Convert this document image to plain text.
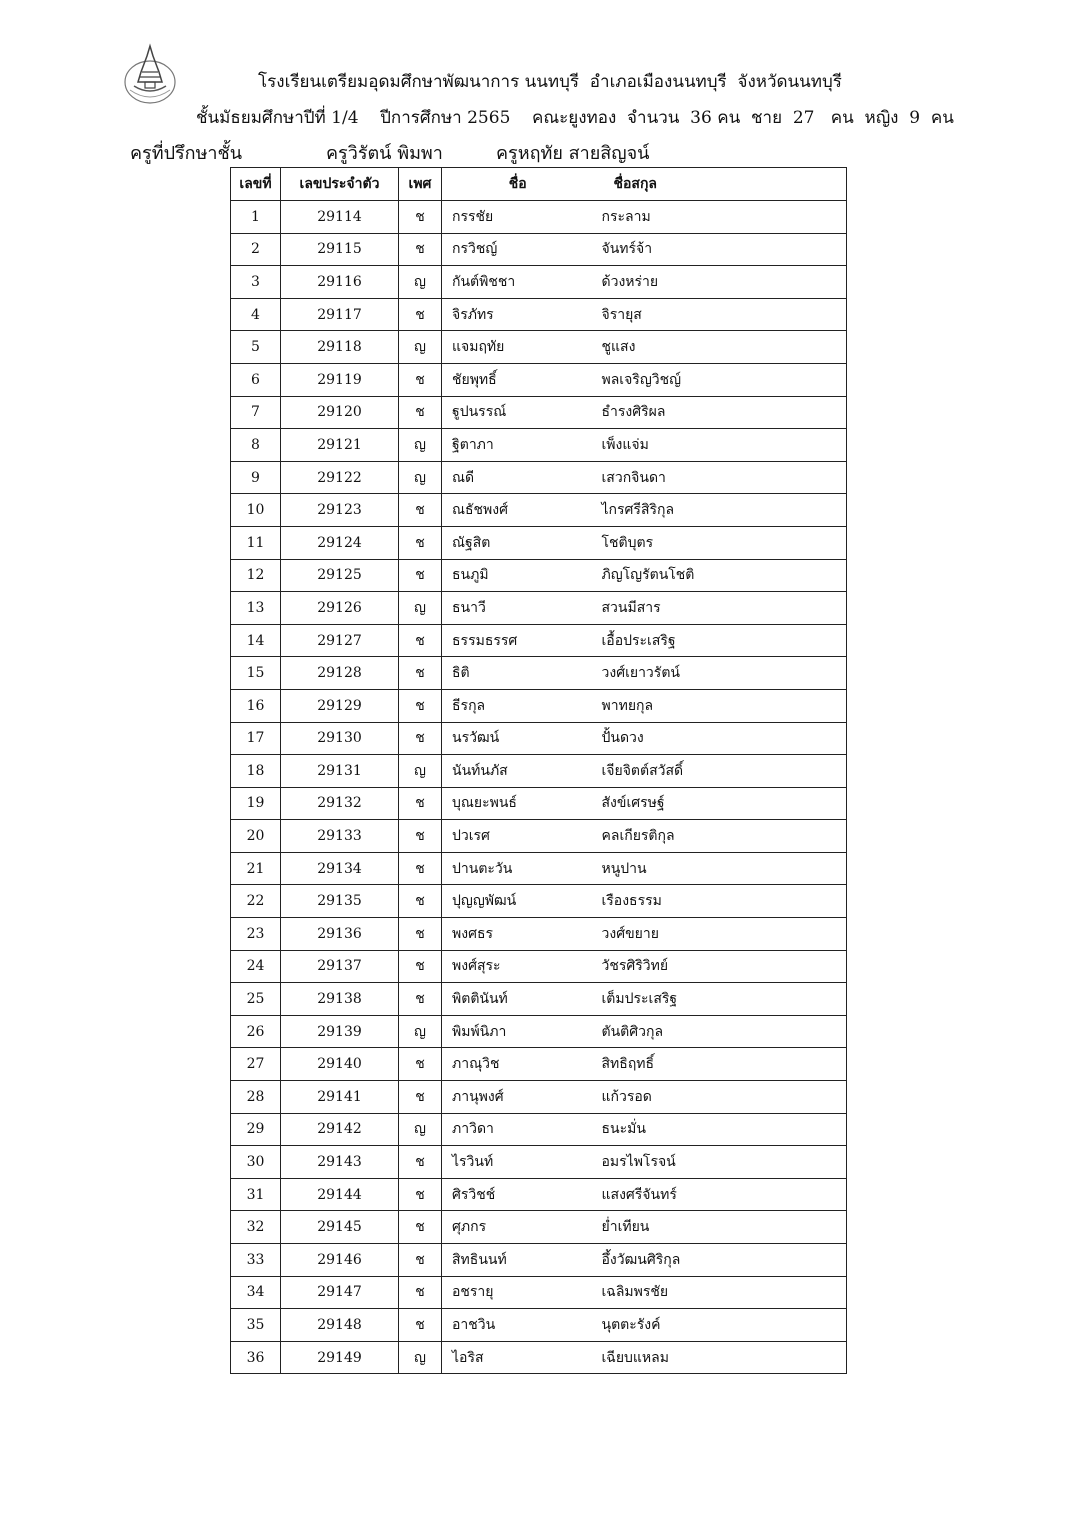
โรงเรียนเตรียมอุดมศึกษาพัฒนาการ นนทบุรี  อำเภอเมืองนนทบุรี  จังหวัดนนทบุรี
ชั้นมัธยมศึกษาปีที่ 1/4    ปีการศึกษา 2565    คณะยูงทอง  จำนวน  36 คน  ชาย  27   คน  หญิง  9  คน
ครูที่ปรึกษาชั้น	ครูวิรัตน์ พิมพา	ครูหฤทัย สายสิญจน์
เลขที่	เลขประจำตัว	เพศ	ชื่อ	ชื่อสกุล
1	29114	ช	กรรชัย	กระลาม
2	29115	ช	กรวิชญ์	จันทร์จ้า
3	29116	ญ	กันต์พิชชา	ด้วงหร่าย
4	29117	ช	จิรภัทร	จิรายุส
5	29118	ญ	แจมฤทัย	ชูแสง
6	29119	ช	ชัยพุทธิ์	พลเจริญวิชญ์
7	29120	ช	ฐูปนรรณ์	ธำรงศิริผล
8	29121	ญ	ฐิตาภา	เพ็งแจ่ม
9	29122	ญ	ณดี	เสวกจินดา
10	29123	ช	ณธัชพงศ์	ไกรศรีสิริกุล
11	29124	ช	ณัฐสิต	โชติบุตร
12	29125	ช	ธนภูมิ	ภิญโญรัตนโชติ
13	29126	ญ	ธนาวี	สวนมีสาร
14	29127	ช	ธรรมธรรศ	เอื้อประเสริฐ
15	29128	ช	ธิติ	วงศ์เยาวรัตน์
16	29129	ช	ธีรกุล	พาทยกุล
17	29130	ช	นรวัฒน์	ปั้นดวง
18	29131	ญ	นันท์นภัส	เจียจิตต์สวัสดิ์
19	29132	ช	บุณยะพนธ์	สังข์เศรษฐ์
20	29133	ช	ปวเรศ	คลเกียรติกุล
21	29134	ช	ปานตะวัน	หนูปาน
22	29135	ช	ปุญญพัฒน์	เรืองธรรม
23	29136	ช	พงศธร	วงศ์ขยาย
24	29137	ช	พงศ์สุระ	วัชรศิริวิทย์
25	29138	ช	พิตตินันท์	เต็มประเสริฐ
26	29139	ญ	พิมพ์นิภา	ตันติศิวกุล
27	29140	ช	ภาณุวิช	สิทธิฤทธิ์
28	29141	ช	ภานุพงศ์	แก้วรอด
29	29142	ญ	ภาวิดา	ธนะมั่น
30	29143	ช	ไรวินท์	อมรไพโรจน์
31	29144	ช	ศิรวิชช์	แสงศรีจันทร์
32	29145	ช	ศุภกร	ย่ำเทียน
33	29146	ช	สิทธินนท์	อึ้งวัฒนศิริกุล
34	29147	ช	อชรายุ	เฉลิมพรชัย
35	29148	ช	อาชวิน	นุตตะรังค์
36	29149	ญ	ไอริส	เฉียบแหลม
